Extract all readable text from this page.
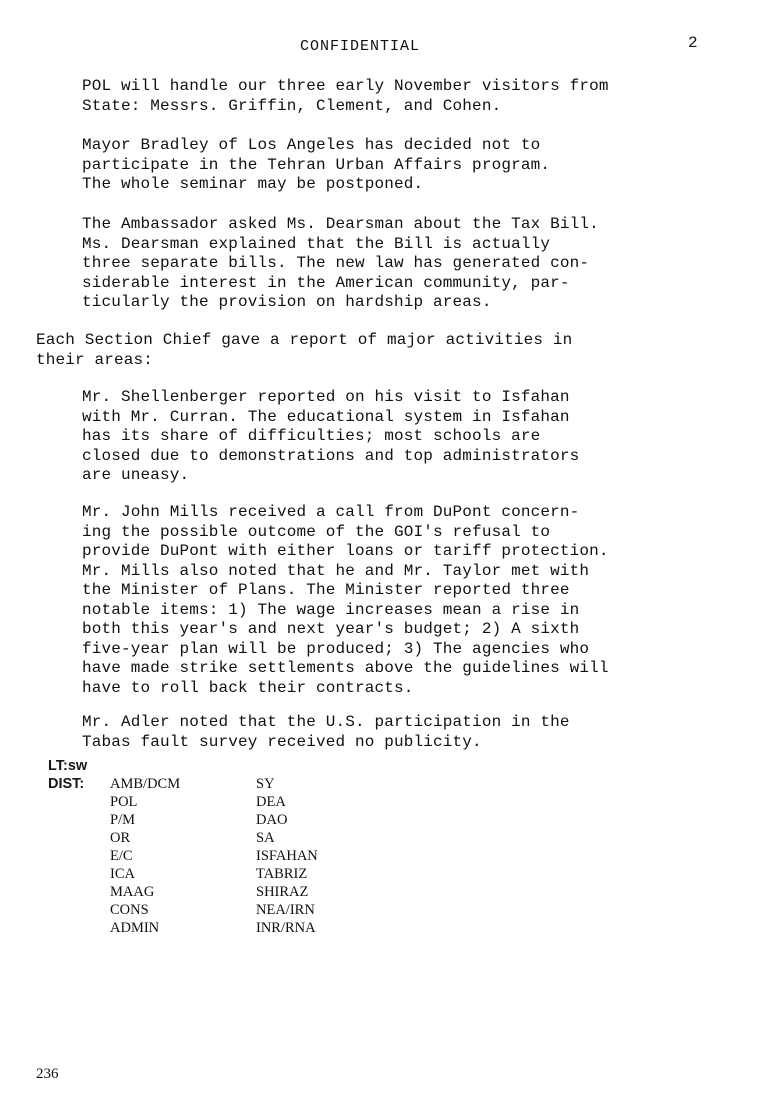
CONFIDENTIAL	2

POL will handle our three early November visitors from

State: Messrs. Griffin, Clement, and Cohen.

Mayor Bradley of Los Angeles has decided not to

participate in the Tehran Urban Affairs program.

The whole seminar may be postponed.

The Ambassador asked Ms. Dearsman about the Tax Bill.

Ms. Dearsman explained that the Bill is actually

three separate bills. The new law has generated con-

siderable interest in the American community, par-

ticularly the provision on hardship areas.

Each Section Chief gave a report of major activities in

their areas:

Mr. Shellenberger reported on his visit to Isfahan

with Mr. Curran. The educational system in Isfahan

has its share of difficulties; most schools are

closed due to demonstrations and top administrators

are uneasy.

Mr. John Mills received a call from DuPont concern-

ing the possible outcome of the GOI's refusal to

provide DuPont with either loans or tariff protection.

Mr. Mills also noted that he and Mr. Taylor met with

the Minister of Plans. The Minister reported three

notable items: 1) The wage increases mean a rise in

both this year's and next year's budget; 2) A sixth

five-year plan will be produced; 3) The agencies who

have made strike settlements above the guidelines will

have to roll back their contracts.

Mr. Adler noted that the U.S. participation in the

Tabas fault survey received no publicity.

LT:sw
DIST: AMB/DCM
POL
P/M
OR
E/C
ICA
MAAG
CONS
ADMIN
SY
DEA
DAO
SA
ISFAHAN
TABRIZ
SHIRAZ
NEA/IRN
INR/RNA
236
